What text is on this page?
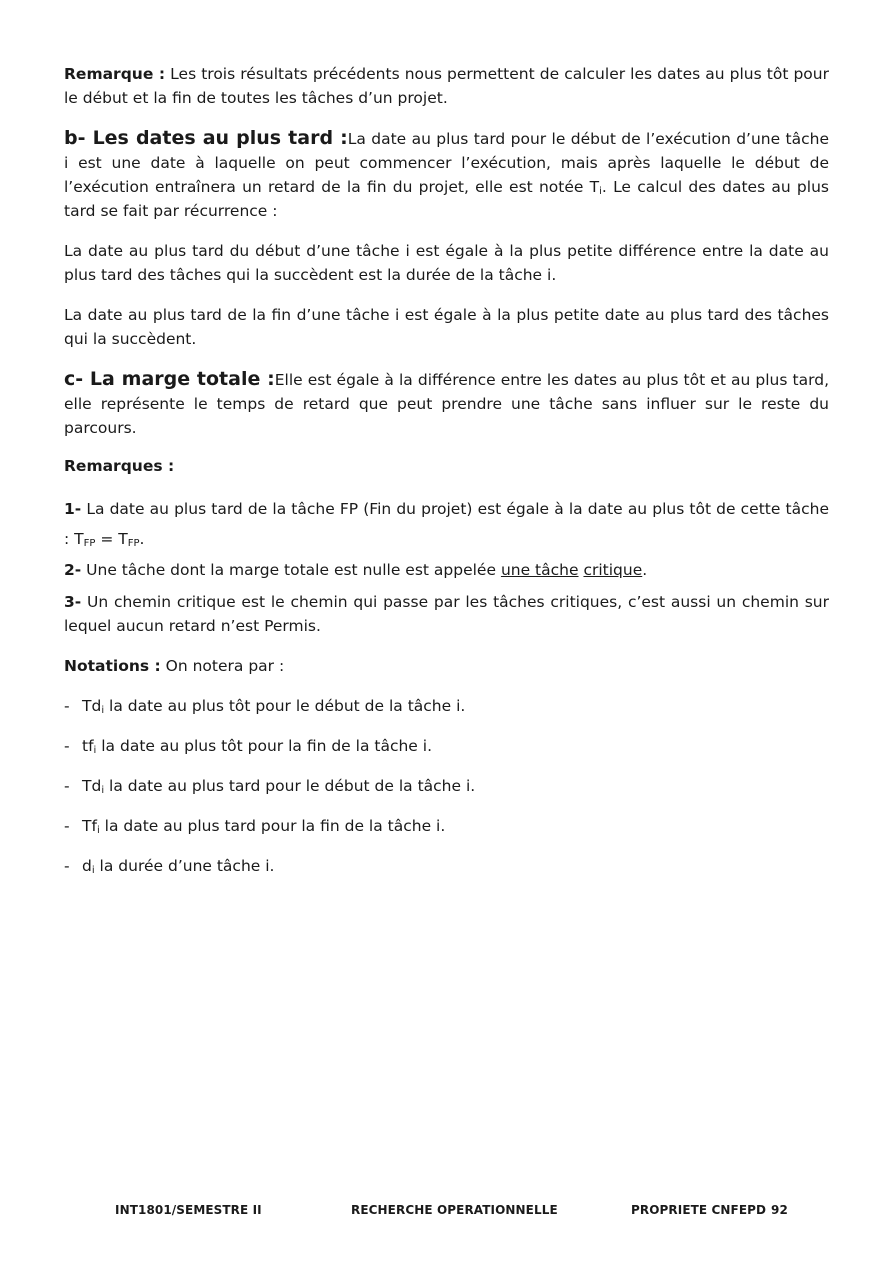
Remarque : Les trois résultats précédents nous permettent de calculer les dates au plus tôt pour le début et la fin de toutes les tâches d’un projet.

b- Les dates au plus tard :La date au plus tard pour le début de l’exécution d’une tâche i est une date à laquelle on peut commencer l’exécution, mais après laquelle le début de l’exécution entraînera un retard de la fin du projet, elle est notée $T_i$. Le calcul des dates au plus tard se fait par récurrence :

La date au plus tard du début d’une tâche i est égale à la plus petite différence entre la date au plus tard des tâches qui la succèdent est la durée de la tâche i.

La date au plus tard de la fin d’une tâche i est égale à la plus petite date au plus tard des tâches qui la succèdent.

c- La marge totale :Elle est égale à la différence entre les dates au plus tôt et au plus tard, elle représente le temps de retard que peut prendre une tâche sans influer sur le reste du parcours.

Remarques :

1- La date au plus tard de la tâche FP (Fin du projet) est égale à la date au plus tôt de cette tâche : $T_{FP} = T_{FP}$.

2- Une tâche dont la marge totale est nulle est appelée une tâche critique.

3- Un chemin critique est le chemin qui passe par les tâches critiques, c’est aussi un chemin sur lequel aucun retard n’est Permis.

Notations : On notera par :

- $Td_i$ la date au plus tôt pour le début de la tâche i.

- $tf_i$ la date au plus tôt pour la fin de la tâche i.

- $Td_i$ la date au plus tard pour le début de la tâche i.

- $Tf_i$ la date au plus tard pour la fin de la tâche i.

- $d_i$ la durée d’une tâche i.

INT1801/SEMESTRE II	RECHERCHE OPERATIONNELLE	PROPRIETE CNFEPD 92
